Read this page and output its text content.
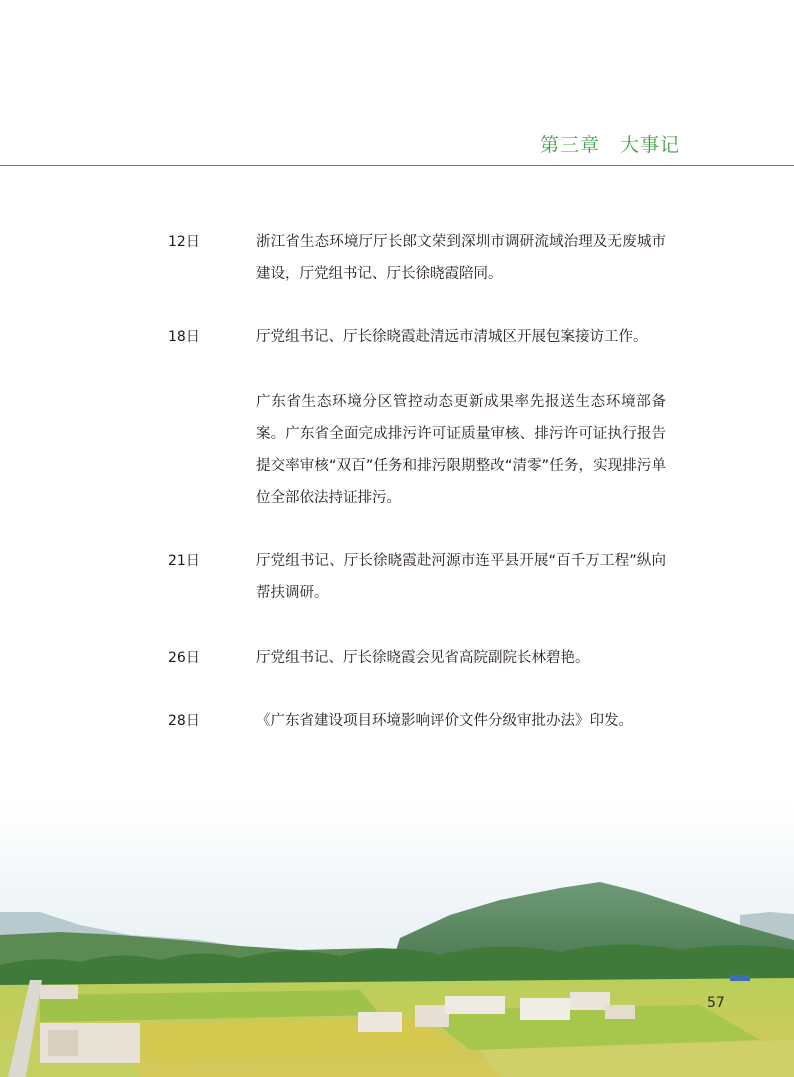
第三章　大事记
12日	浙江省生态环境厅厅长郎文荣到深圳市调研流域治理及无废城市建设，厅党组书记、厅长徐晓霞陪同。
18日	厅党组书记、厅长徐晓霞赴清远市清城区开展包案接访工作。
广东省生态环境分区管控动态更新成果率先报送生态环境部备案。广东省全面完成排污许可证质量审核、排污许可证执行报告提交率审核“双百”任务和排污限期整改“清零”任务，实现排污单位全部依法持证排污。
21日	厅党组书记、厅长徐晓霞赴河源市连平县开展“百千万工程”纵向帮扶调研。
26日	厅党组书记、厅长徐晓霞会见省高院副院长林碧艳。
28日	《广东省建设项目环境影响评价文件分级审批办法》印发。
57
